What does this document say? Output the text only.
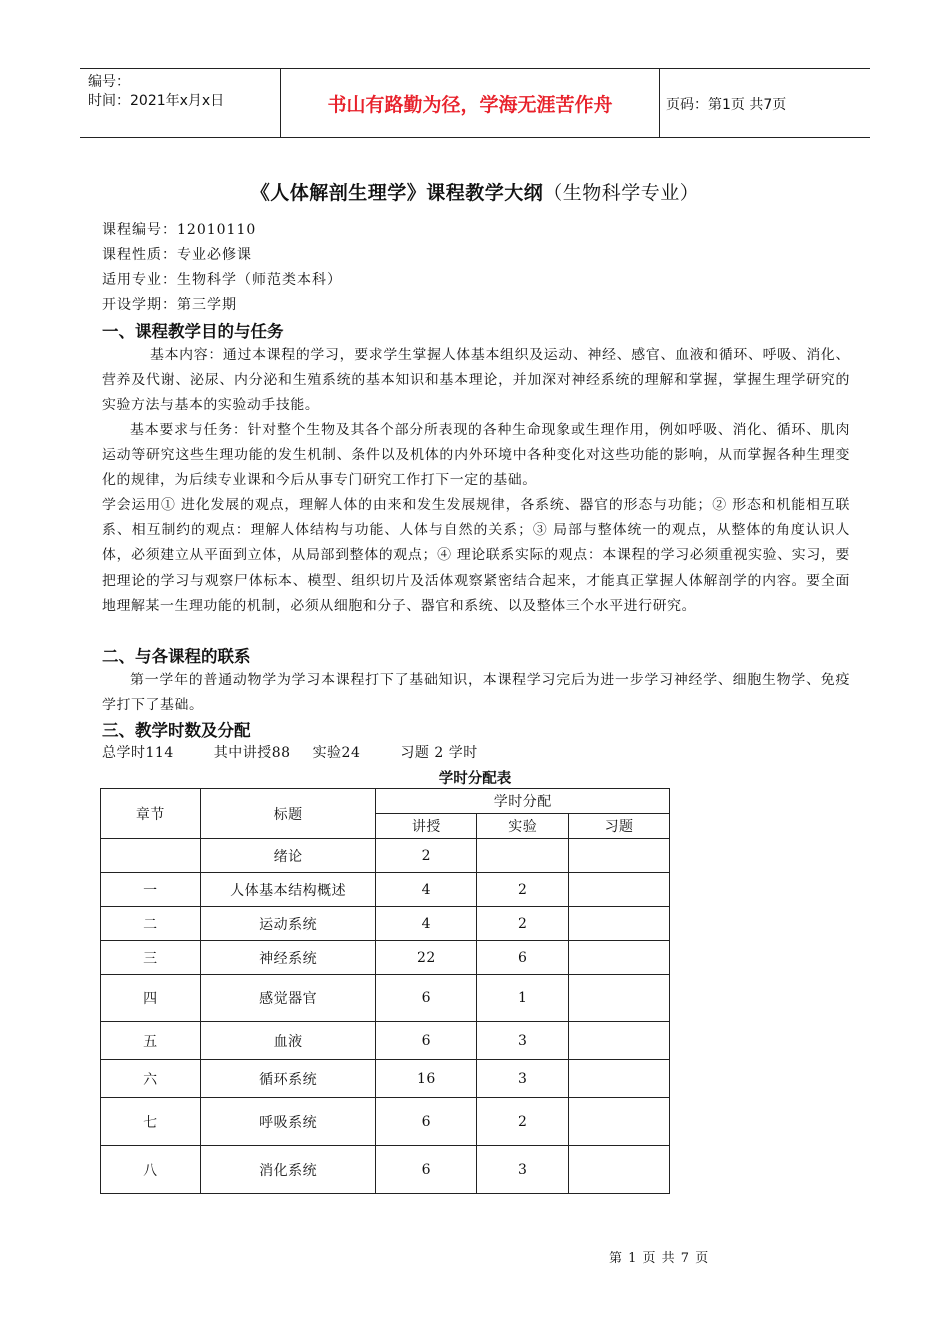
编号：
时间：2021年x月x日	书山有路勤为径，学海无涯苦作舟	页码：第1页 共7页
《人体解剖生理学》课程教学大纲（生物科学专业）
课程编号：12010110
课程性质：专业必修课
适用专业：生物科学（师范类本科）
开设学期：第三学期
一、课程教学目的与任务
基本内容：通过本课程的学习，要求学生掌握人体基本组织及运动、神经、感官、血液和循环、呼吸、消化、营养及代谢、泌尿、内分泌和生殖系统的基本知识和基本理论，并加深对神经系统的理解和掌握，掌握生理学研究的实验方法与基本的实验动手技能。
基本要求与任务：针对整个生物及其各个部分所表现的各种生命现象或生理作用，例如呼吸、消化、循环、肌肉运动等研究这些生理功能的发生机制、条件以及机体的内外环境中各种变化对这些功能的影响，从而掌握各种生理变化的规律，为后续专业课和今后从事专门研究工作打下一定的基础。
学会运用① 进化发展的观点，理解人体的由来和发生发展规律，各系统、器官的形态与功能；② 形态和机能相互联系、相互制约的观点：理解人体结构与功能、人体与自然的关系；③ 局部与整体统一的观点，从整体的角度认识人体，必须建立从平面到立体，从局部到整体的观点；④ 理论联系实际的观点：本课程的学习必须重视实验、实习，要把理论的学习与观察尸体标本、模型、组织切片及活体观察紧密结合起来，才能真正掌握人体解剖学的内容。要全面地理解某一生理功能的机制，必须从细胞和分子、器官和系统、以及整体三个水平进行研究。
二、与各课程的联系
第一学年的普通动物学为学习本课程打下了基础知识，本课程学习完后为进一步学习神经学、细胞生物学、免疫学打下了基础。
三、教学时数及分配
总学时114	其中讲授88 实验24	习题 2 学时
学时分配表
章节	标题	学时分配		
		讲授	实验	习题
	绪论	2		
一	人体基本结构概述	4	2	
二	运动系统	4	2	
三	神经系统	22	6	
四	感觉器官	6	1	
五	血液	6	3	
六	循环系统	16	3	
七	呼吸系统	6	2	
八	消化系统	6	3	
第 1 页 共 7 页
